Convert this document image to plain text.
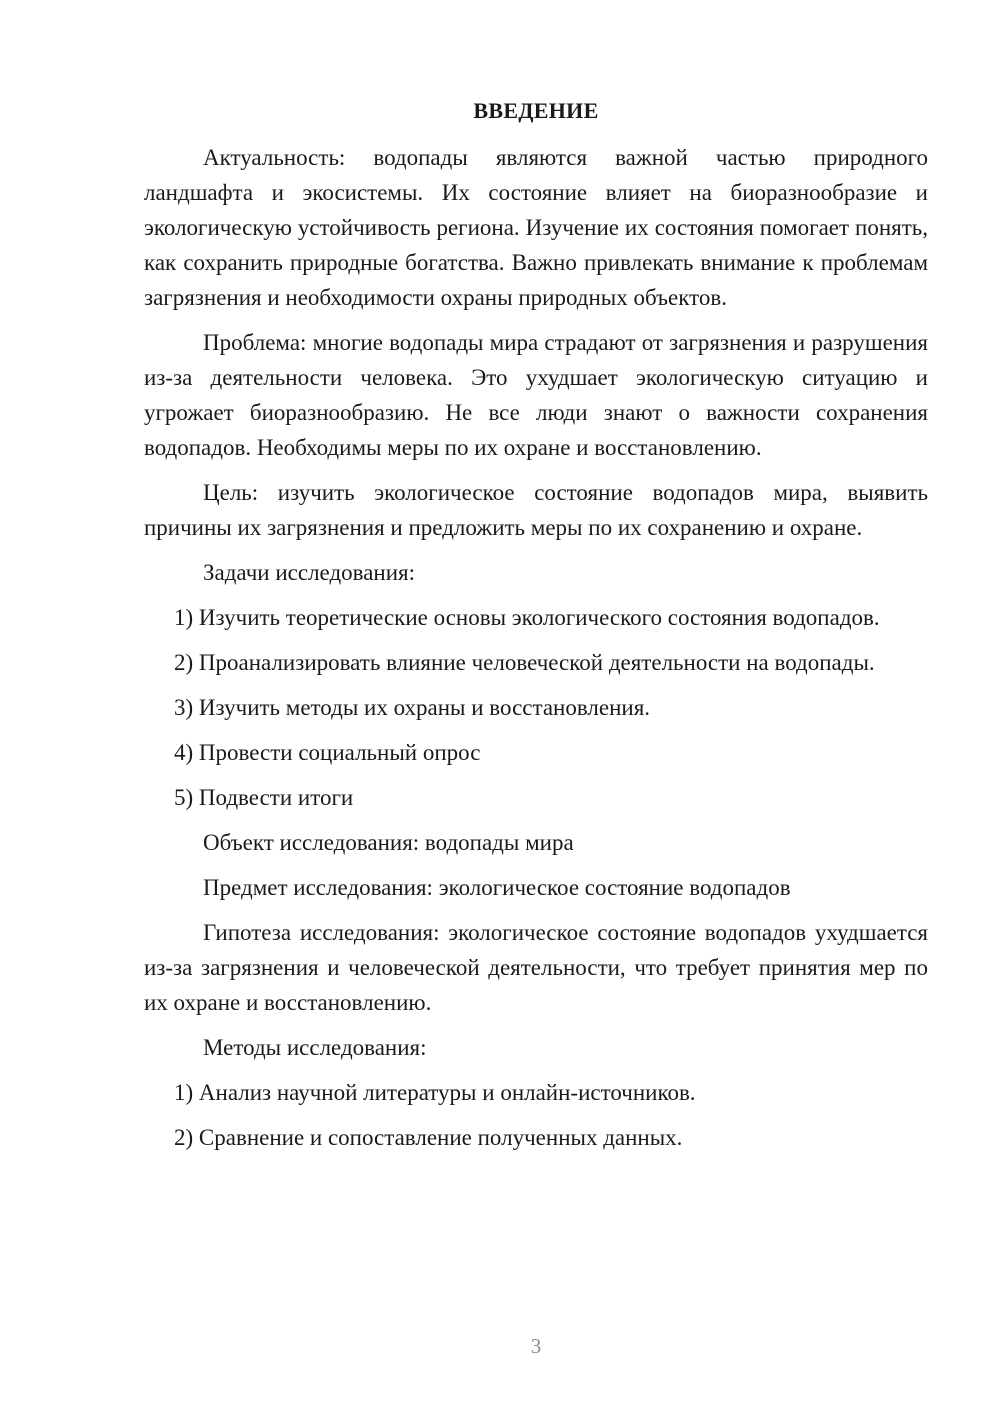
ВВЕДЕНИЕ

Актуальность: водопады являются важной частью природного ландшафта и экосистемы. Их состояние влияет на биоразнообразие и экологическую устойчивость региона. Изучение их состояния помогает понять, как сохранить природные богатства. Важно привлекать внимание к проблемам загрязнения и необходимости охраны природных объектов.

Проблема: многие водопады мира страдают от загрязнения и разрушения из-за деятельности человека. Это ухудшает экологическую ситуацию и угрожает биоразнообразию. Не все люди знают о важности сохранения водопадов. Необходимы меры по их охране и восстановлению.

Цель: изучить экологическое состояние водопадов мира, выявить причины их загрязнения и предложить меры по их сохранению и охране.

Задачи исследования:

1) Изучить теоретические основы экологического состояния водопадов.

2) Проанализировать влияние человеческой деятельности на водопады.

3) Изучить методы их охраны и восстановления.

4) Провести социальный опрос

5) Подвести итоги

Объект исследования: водопады мира

Предмет исследования: экологическое состояние водопадов

Гипотеза исследования: экологическое состояние водопадов ухудшается из-за загрязнения и человеческой деятельности, что требует принятия мер по их охране и восстановлению.

Методы исследования:

1) Анализ научной литературы и онлайн-источников.

2) Сравнение и сопоставление полученных данных.

3
